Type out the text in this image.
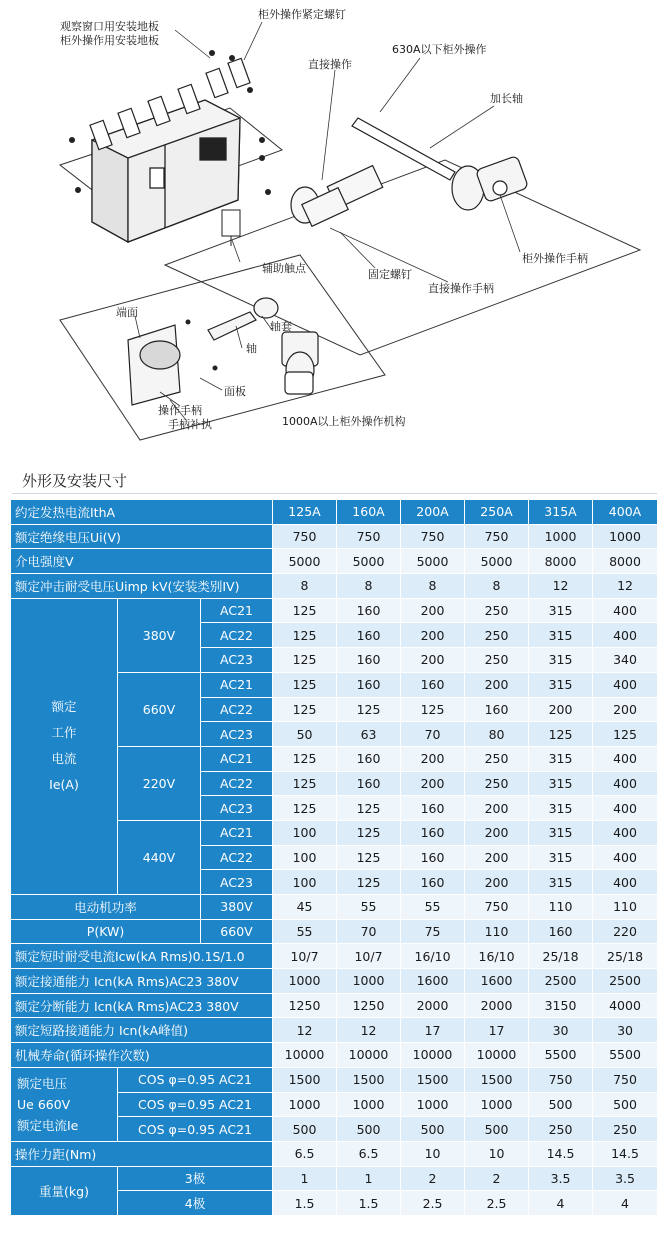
观察窗口用安装地板
柜外操作用安装地板
柜外操作紧定螺钉
630A以下柜外操作
直接操作
加长轴
柜外操作手柄
辅助触点	固定螺钉
直接操作手柄
端面
轴套
轴
面板
操作手柄
手柄补执	1000A以上柜外操作机构
外形及安装尺寸
约定发热电流IthA			125A	160A	200A	250A	315A	400A
额定绝缘电压Ui(V)			750	750	750	750	1000	1000
介电强度V			5000	5000	5000	5000	8000	8000
额定冲击耐受电压Uimp kV(安装类别IV)			8	8	8	8	12	12
额定
工作
电流
Ie(A)	380V	AC21	125	160	200	250	315	400
		AC22	125	160	200	250	315	400
		AC23	125	160	200	250	315	340
	660V	AC21	125	160	160	200	315	400
		AC22	125	125	125	160	200	200
		AC23	50	63	70	80	125	125
	220V	AC21	125	160	200	250	315	400
		AC22	125	160	200	250	315	400
		AC23	125	125	160	200	315	400
	440V	AC21	100	125	160	200	315	400
		AC22	100	125	160	200	315	400
		AC23	100	125	160	200	315	400
电动机功率		380V	45	55	55	750	110	110
P(KW)		660V	55	70	75	110	160	220
额定短时耐受电流Icw(kA Rms)0.1S/1.0			10/7	10/7	16/10	16/10	25/18	25/18
额定接通能力 Icn(kA Rms)AC23 380V			1000	1000	1600	1600	2500	2500
额定分断能力 Icn(kA Rms)AC23 380V			1250	1250	2000	2000	3150	4000
额定短路接通能力 Icn(kA峰值)			12	12	17	17	30	30
机械寿命(循环操作次数)			10000	10000	10000	10000	5500	5500
额定电压
Ue 660V
额定电流Ie	COS φ=0.95 AC21		1500	1500	1500	1500	750	750
	COS φ=0.95 AC21		1000	1000	1000	1000	500	500
	COS φ=0.95 AC21		500	500	500	500	250	250
操作力距(Nm)			6.5	6.5	10	10	14.5	14.5
重量(kg)	3极		1	1	2	2	3.5	3.5
	4极		1.5	1.5	2.5	2.5	4	4
